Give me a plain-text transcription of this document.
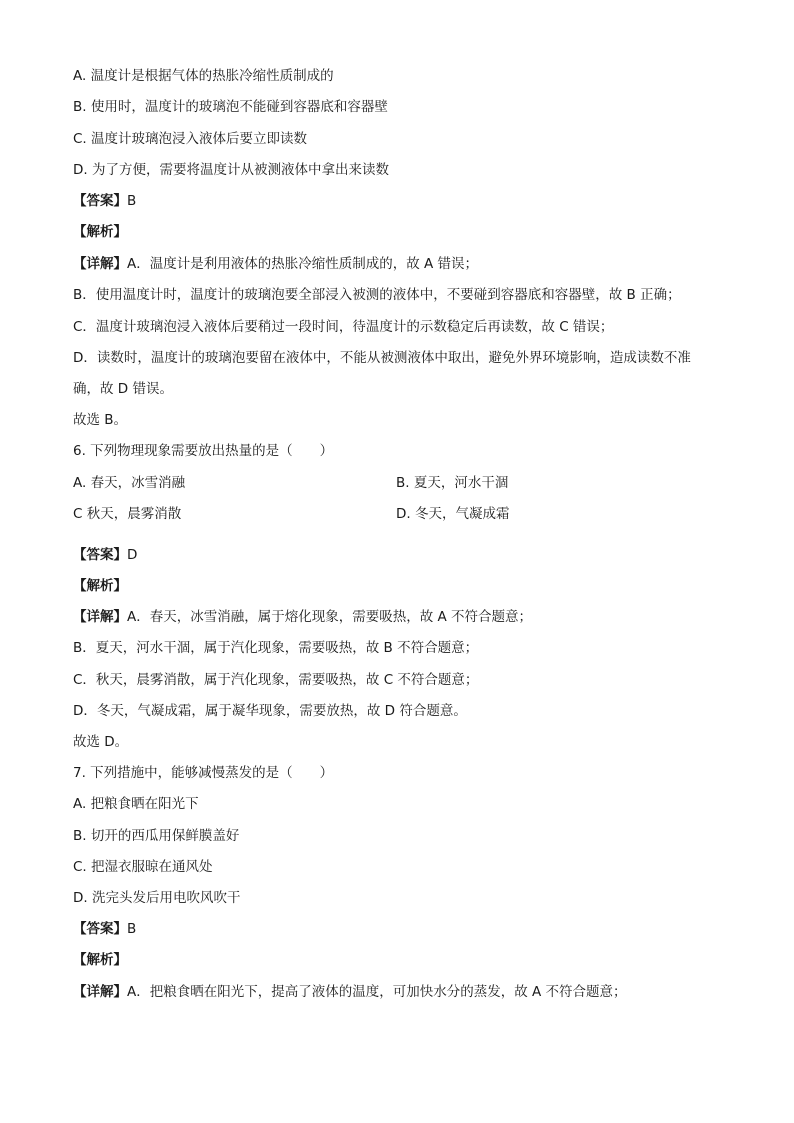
A. 温度计是根据气体的热胀冷缩性质制成的
B. 使用时，温度计的玻璃泡不能碰到容器底和容器壁
C. 温度计玻璃泡浸入液体后要立即读数
D. 为了方便，需要将温度计从被测液体中拿出来读数
【答案】B
【解析】
【详解】A．温度计是利用液体的热胀冷缩性质制成的，故 A 错误；
B．使用温度计时，温度计的玻璃泡要全部浸入被测的液体中，不要碰到容器底和容器壁，故 B 正确；
C．温度计玻璃泡浸入液体后要稍过一段时间，待温度计的示数稳定后再读数，故 C 错误；
D．读数时，温度计的玻璃泡要留在液体中，不能从被测液体中取出，避免外界环境影响，造成读数不准
确，故 D 错误。
故选 B。
6. 下列物理现象需要放出热量的是（　　）
A. 春天，冰雪消融	B. 夏天，河水干涸
C 秋天，晨雾消散	D. 冬天，气凝成霜
【答案】D
【解析】
【详解】A．春天，冰雪消融，属于熔化现象，需要吸热，故 A 不符合题意；
B．夏天，河水干涸，属于汽化现象，需要吸热，故 B 不符合题意；
C．秋天，晨雾消散，属于汽化现象，需要吸热，故 C 不符合题意；
D．冬天，气凝成霜，属于凝华现象，需要放热，故 D 符合题意。
故选 D。
7. 下列措施中，能够减慢蒸发的是（　　）
A. 把粮食晒在阳光下
B. 切开的西瓜用保鲜膜盖好
C. 把湿衣服晾在通风处
D. 洗完头发后用电吹风吹干
【答案】B
【解析】
【详解】A．把粮食晒在阳光下，提高了液体的温度，可加快水分的蒸发，故 A 不符合题意；
